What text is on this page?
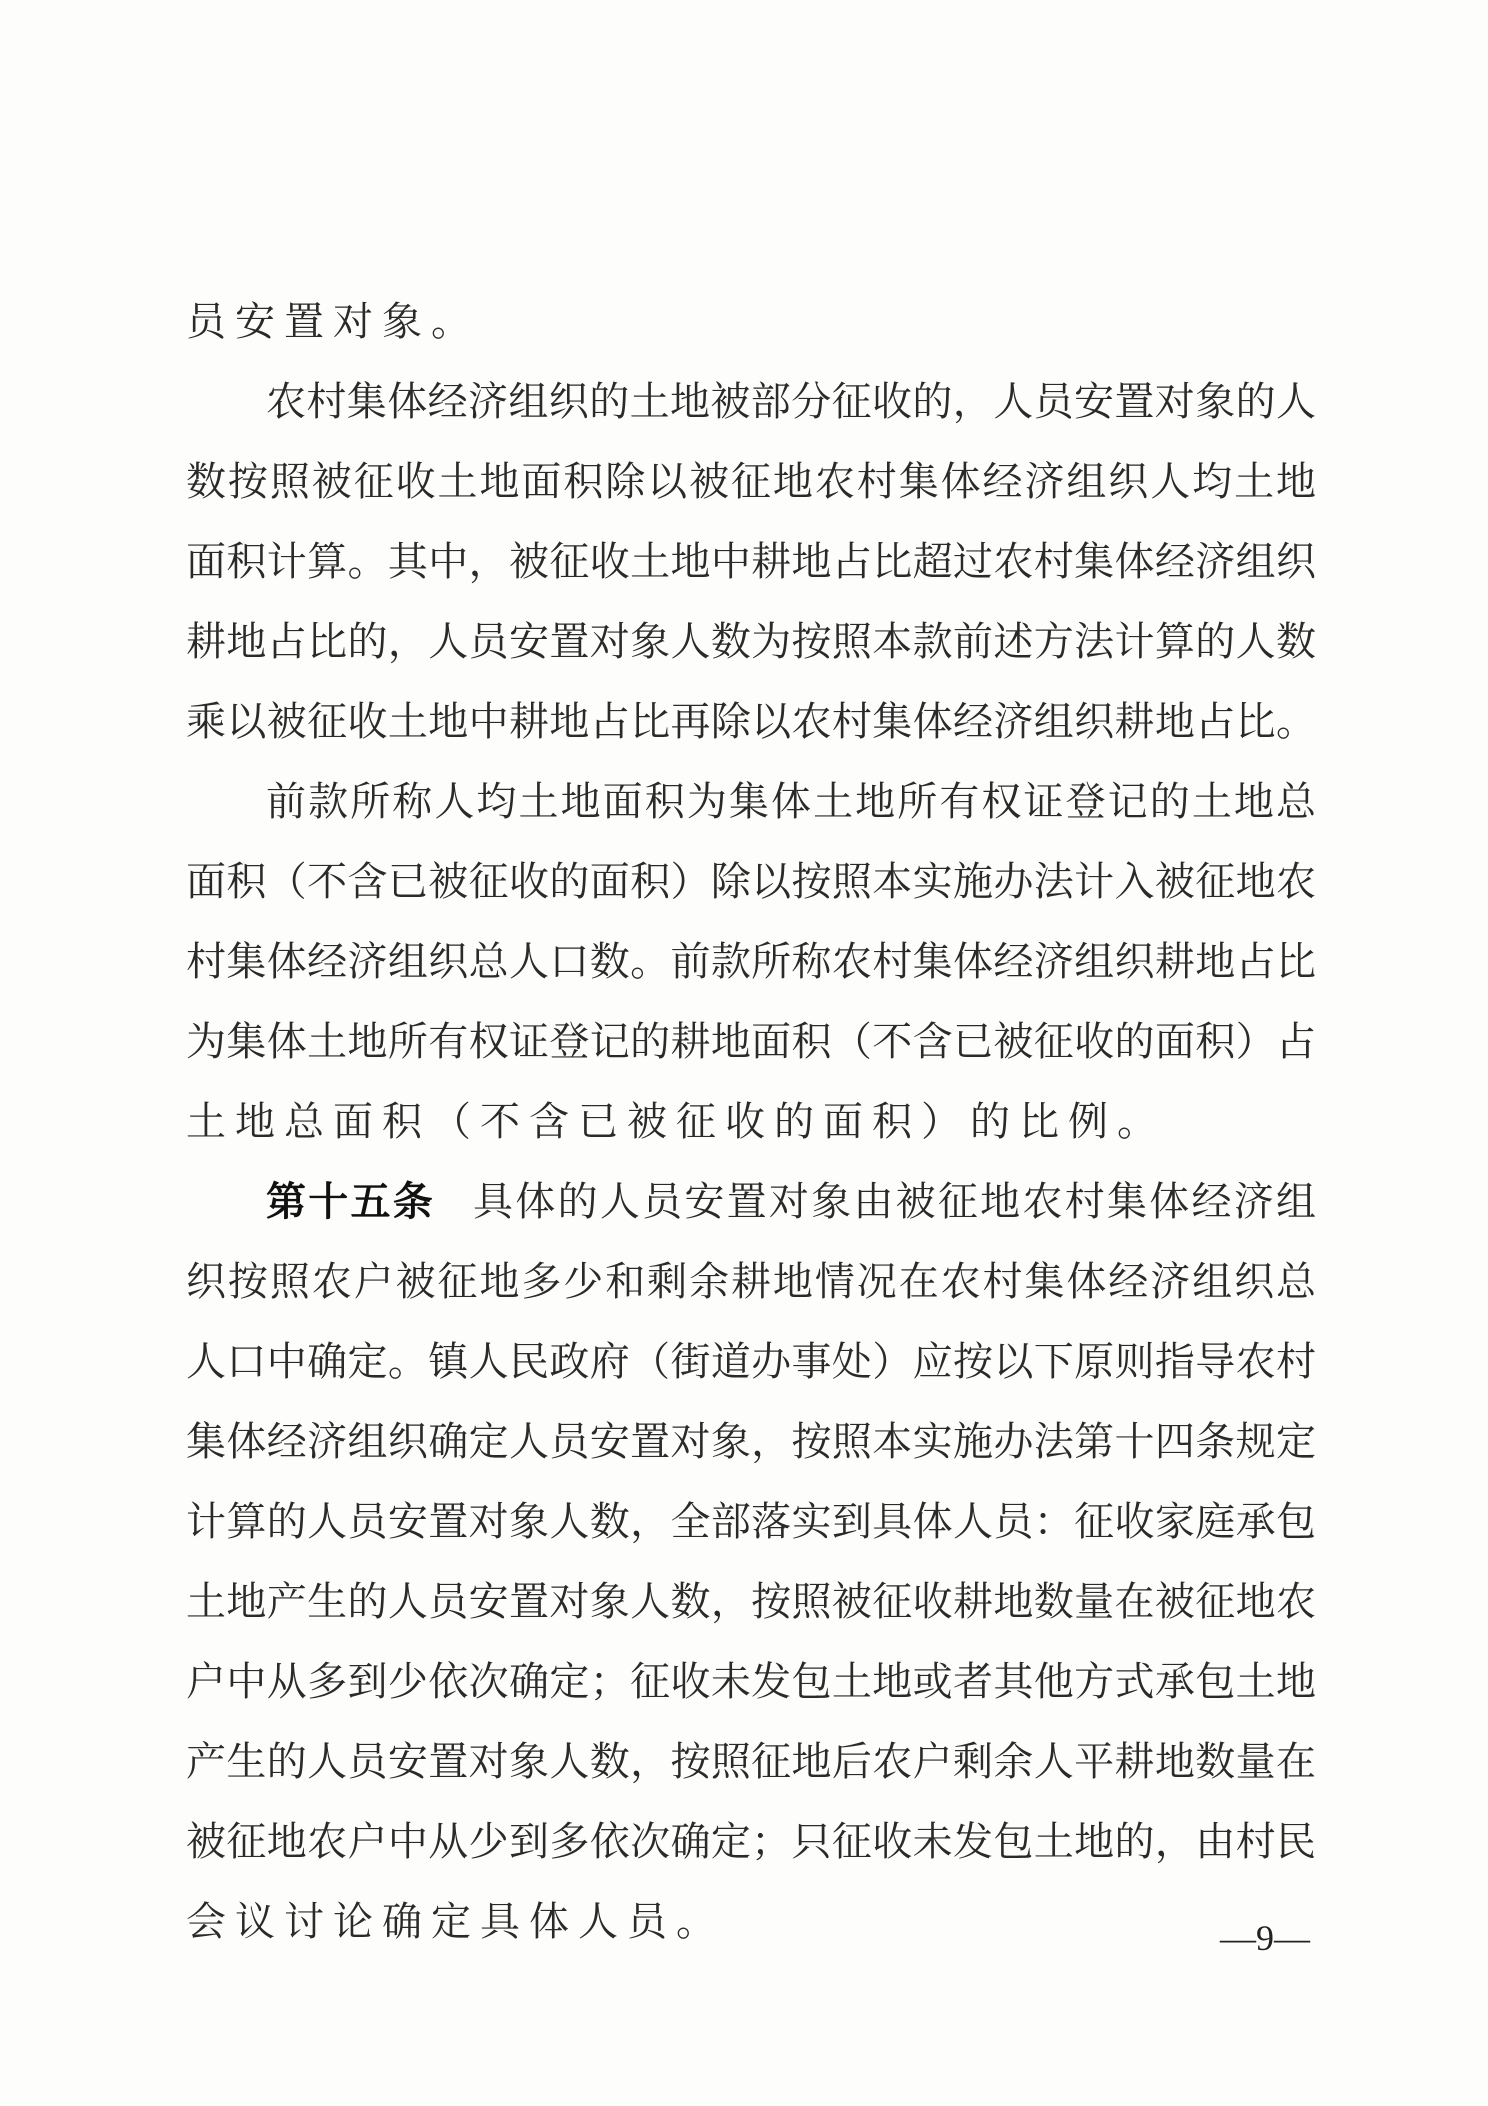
员安置对象。
农村集体经济组织的土地被部分征收的，人员安置对象的人
数按照被征收土地面积除以被征地农村集体经济组织人均土地
面积计算。其中，被征收土地中耕地占比超过农村集体经济组织
耕地占比的，人员安置对象人数为按照本款前述方法计算的人数
乘以被征收土地中耕地占比再除以农村集体经济组织耕地占比。
前款所称人均土地面积为集体土地所有权证登记的土地总
面积（不含已被征收的面积）除以按照本实施办法计入被征地农
村集体经济组织总人口数。前款所称农村集体经济组织耕地占比
为集体土地所有权证登记的耕地面积（不含已被征收的面积）占
土地总面积（不含已被征收的面积）的比例。
第十五条 具体的人员安置对象由被征地农村集体经济组
织按照农户被征地多少和剩余耕地情况在农村集体经济组织总
人口中确定。镇人民政府（街道办事处）应按以下原则指导农村
集体经济组织确定人员安置对象，按照本实施办法第十四条规定
计算的人员安置对象人数，全部落实到具体人员：征收家庭承包
土地产生的人员安置对象人数，按照被征收耕地数量在被征地农
户中从多到少依次确定；征收未发包土地或者其他方式承包土地
产生的人员安置对象人数，按照征地后农户剩余人平耕地数量在
被征地农户中从少到多依次确定；只征收未发包土地的，由村民
会议讨论确定具体人员。	—9—
